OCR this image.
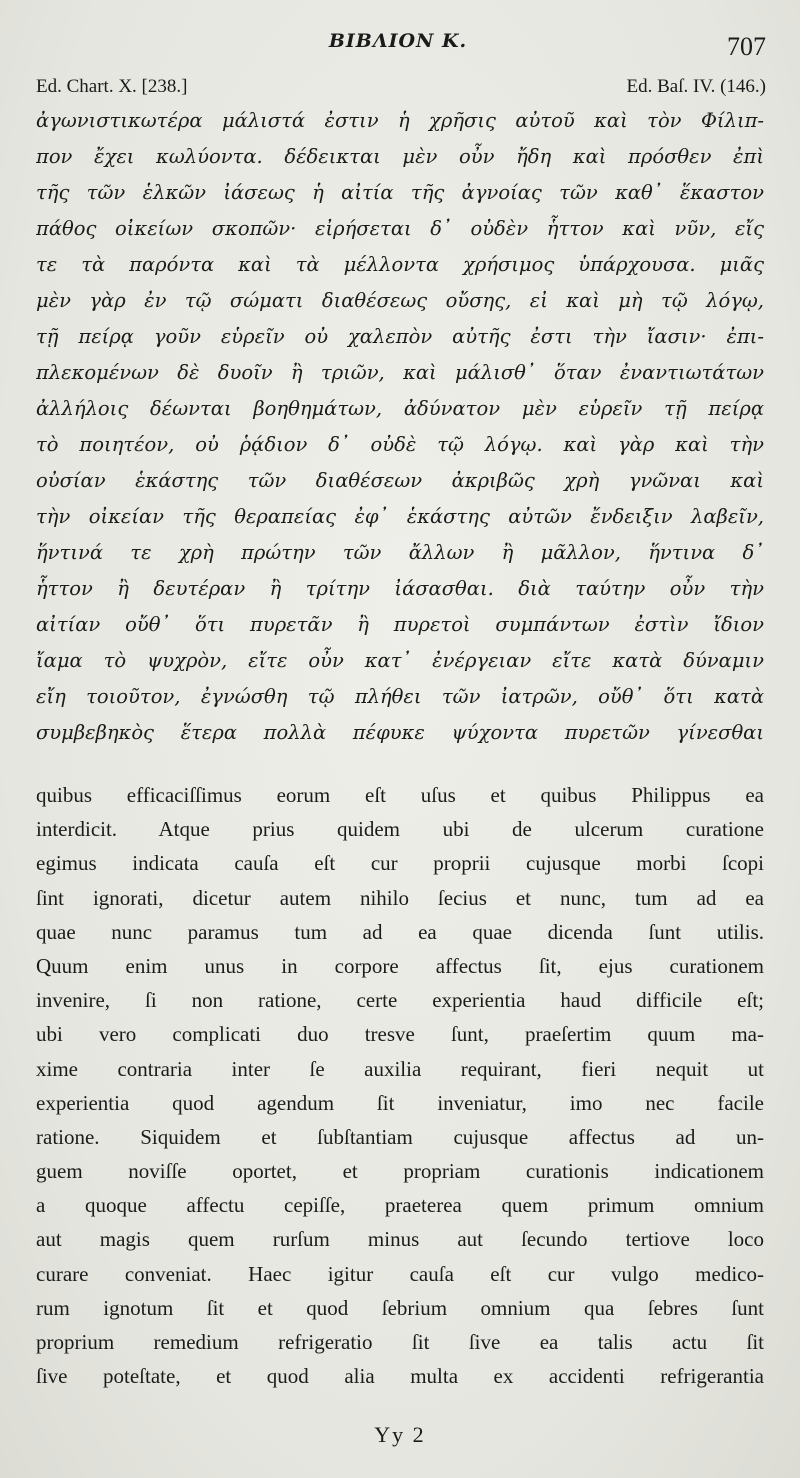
BIBΛIOΝ K.	707
Ed. Chart. X. [238.]	Ed. Baſ. IV. (146.)
ἀγωνιστικωτέρα μάλιστά ἐστιν ἡ χρῆσις αὐτοῦ καὶ τὸν Φίλιπ-
πον ἔχει κωλύοντα. δέδεικται μὲν οὖν ἤδη καὶ πρόσθεν ἐπὶ
τῆς τῶν ἑλκῶν ἰάσεως ἡ αἰτία τῆς ἀγνοίας τῶν καθ᾽ ἕκαστον
πάθος οἰκείων σκοπῶν· εἰρήσεται δ᾽ οὐδὲν ἧττον καὶ νῦν, εἴς
τε τὰ παρόντα καὶ τὰ μέλλοντα χρήσιμος ὑπάρχουσα. μιᾶς
μὲν γὰρ ἐν τῷ σώματι διαθέσεως οὔσης, εἰ καὶ μὴ τῷ λόγῳ,
τῇ πείρᾳ γοῦν εὑρεῖν οὐ χαλεπὸν αὐτῆς ἐστι τὴν ἴασιν· ἐπι-
πλεκομένων δὲ δυοῖν ἢ τριῶν, καὶ μάλισθ᾽ ὅταν ἐναντιωτάτων
ἀλλήλοις δέωνται βοηθημάτων, ἀδύνατον μὲν εὑρεῖν τῇ πείρᾳ
τὸ ποιητέον, οὐ ῥᾴδιον δ᾽ οὐδὲ τῷ λόγῳ. καὶ γὰρ καὶ τὴν
οὐσίαν ἑκάστης τῶν διαθέσεων ἀκριβῶς χρὴ γνῶναι καὶ
τὴν οἰκείαν τῆς θεραπείας ἐφ᾽ ἑκάστης αὐτῶν ἔνδειξιν λαβεῖν,
ἥντινά τε χρὴ πρώτην τῶν ἄλλων ἢ μᾶλλον, ἥντινα δ᾽
ἧττον ἢ δευτέραν ἢ τρίτην ἰάσασθαι. διὰ ταύτην οὖν τὴν
αἰτίαν οὔθ᾽ ὅτι πυρετᾶν ἢ πυρετοὶ συμπάντων ἐστὶν ἴδιον
ἴαμα τὸ ψυχρὸν, εἴτε οὖν κατ᾽ ἐνέργειαν εἴτε κατὰ δύναμιν
εἴη τοιοῦτον, ἐγνώσθη τῷ πλήθει τῶν ἰατρῶν, οὔθ᾽ ὅτι κατὰ
συμβεβηκὸς ἕτερα πολλὰ πέφυκε ψύχοντα πυρετῶν γίνεσθαι
quibus efficaciſſimus eorum eſt uſus et quibus Philippus ea
interdicit. Atque prius quidem ubi de ulcerum curatione
egimus indicata cauſa eſt cur proprii cujusque morbi ſcopi
ſint ignorati, dicetur autem nihilo ſecius et nunc, tum ad ea
quae nunc paramus tum ad ea quae dicenda ſunt utilis.
Quum enim unus in corpore affectus ſit, ejus curationem
invenire, ſi non ratione, certe experientia haud difficile eſt;
ubi vero complicati duo tresve ſunt, praeſertim quum ma-
xime contraria inter ſe auxilia requirant, fieri nequit ut
experientia quod agendum ſit inveniatur, imo nec facile
ratione. Siquidem et ſubſtantiam cujusque affectus ad un-
guem noviſſe oportet, et propriam curationis indicationem
a quoque affectu cepiſſe, praeterea quem primum omnium
aut magis quem rurſum minus aut ſecundo tertiove loco
curare conveniat. Haec igitur cauſa eſt cur vulgo medico-
rum ignotum ſit et quod ſebrium omnium qua ſebres ſunt
proprium remedium refrigeratio ſit ſive ea talis actu ſit
ſive poteſtate, et quod alia multa ex accidenti refrigerantia
Yy 2
